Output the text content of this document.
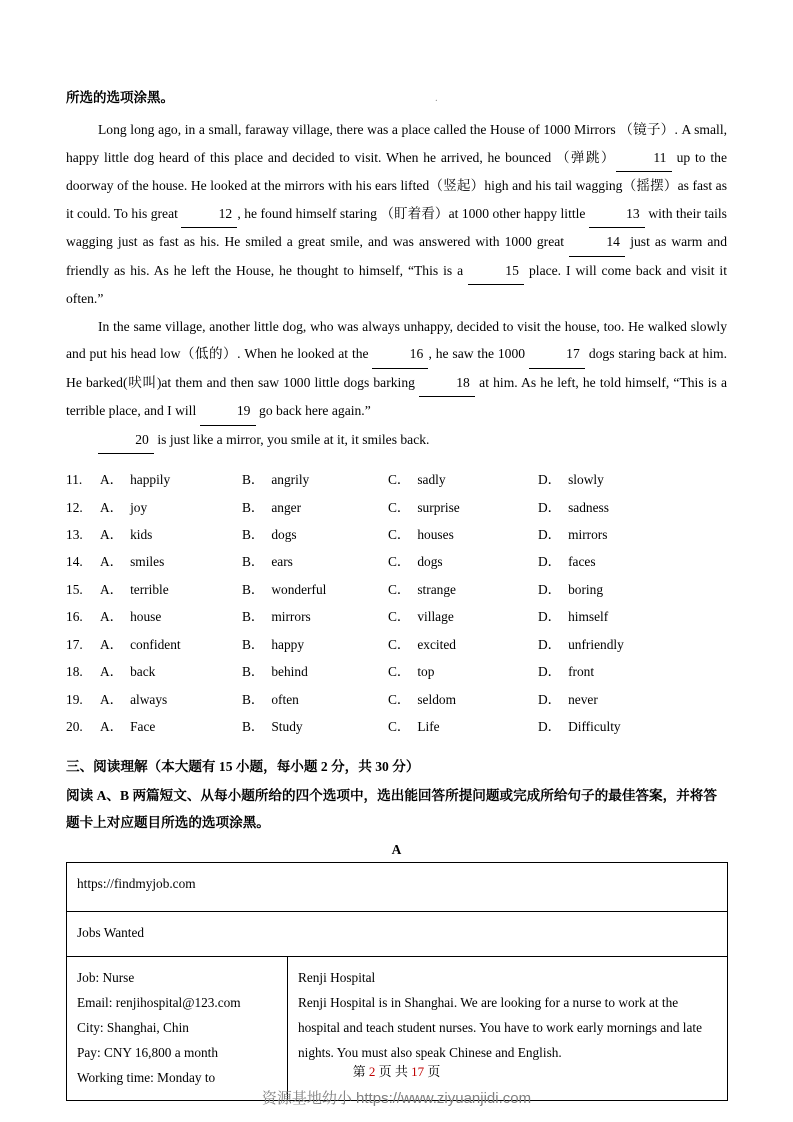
.
所选的选项涂黑。
Long long ago, in a small, faraway village, there was a place called the House of 1000 Mirrors （镜子）. A small, happy little dog heard of this place and decided to visit. When he arrived, he bounced （弹跳）	11 up to the doorway of the house. He looked at the mirrors with his ears lifted（竖起）high and his tail wagging（摇摆）as fast as it could. To his great	12 , he found himself staring （盯着看）at 1000 other happy little	13 with their tails wagging just as fast as his. He smiled a great smile, and was answered with 1000 great	14 just as warm and friendly as his. As he left the House, he thought to himself, “This is a	15 place. I will come back and visit it often.”
In the same village, another little dog, who was always unhappy, decided to visit the house, too. He walked slowly and put his head low（低的）. When he looked at the	16 , he saw the 1000	17 dogs staring back at him. He barked(吠叫)at them and then saw 1000 little dogs barking	18 at him. As he left, he told himself, “This is a terrible place, and I will	19 go back here again.”
20 is just like a mirror, you smile at it, it smiles back.
11.	A． happily	B． angrily	C． sadly	D． slowly
12.	A． joy	B． anger	C． surprise	D． sadness
13.	A． kids	B． dogs	C． houses	D． mirrors
14.	A． smiles	B． ears	C． dogs	D． faces
15.	A． terrible	B． wonderful	C． strange	D． boring
16.	A． house	B． mirrors	C． village	D． himself
17.	A． confident	B． happy	C． excited	D． unfriendly
18.	A． back	B． behind	C． top	D． front
19.	A． always	B． often	C． seldom	D． never
20.	A． Face	B． Study	C． Life	D． Difficulty
三、阅读理解（本大题有 15 小题，每小题 2 分，共 30 分）
阅读 A、B 两篇短文、从每小题所给的四个选项中，选出能回答所提问题或完成所给句子的最佳答案，并将答题卡上对应题目所选的选项涂黑。
A
https://findmyjob.com
Jobs Wanted

Job: Nurse
Email: renjihospital@123.com
City: Shanghai, Chin
Pay: CNY 16,800 a month
Working time: Monday to

Renji Hospital
Renji Hospital is in Shanghai. We are looking for a nurse to work at the hospital and teach student nurses. You have to work early mornings and late nights. You must also speak Chinese and English.
第 2 页 共 17 页
资源基地幼小 https://www.ziyuanjidi.com
